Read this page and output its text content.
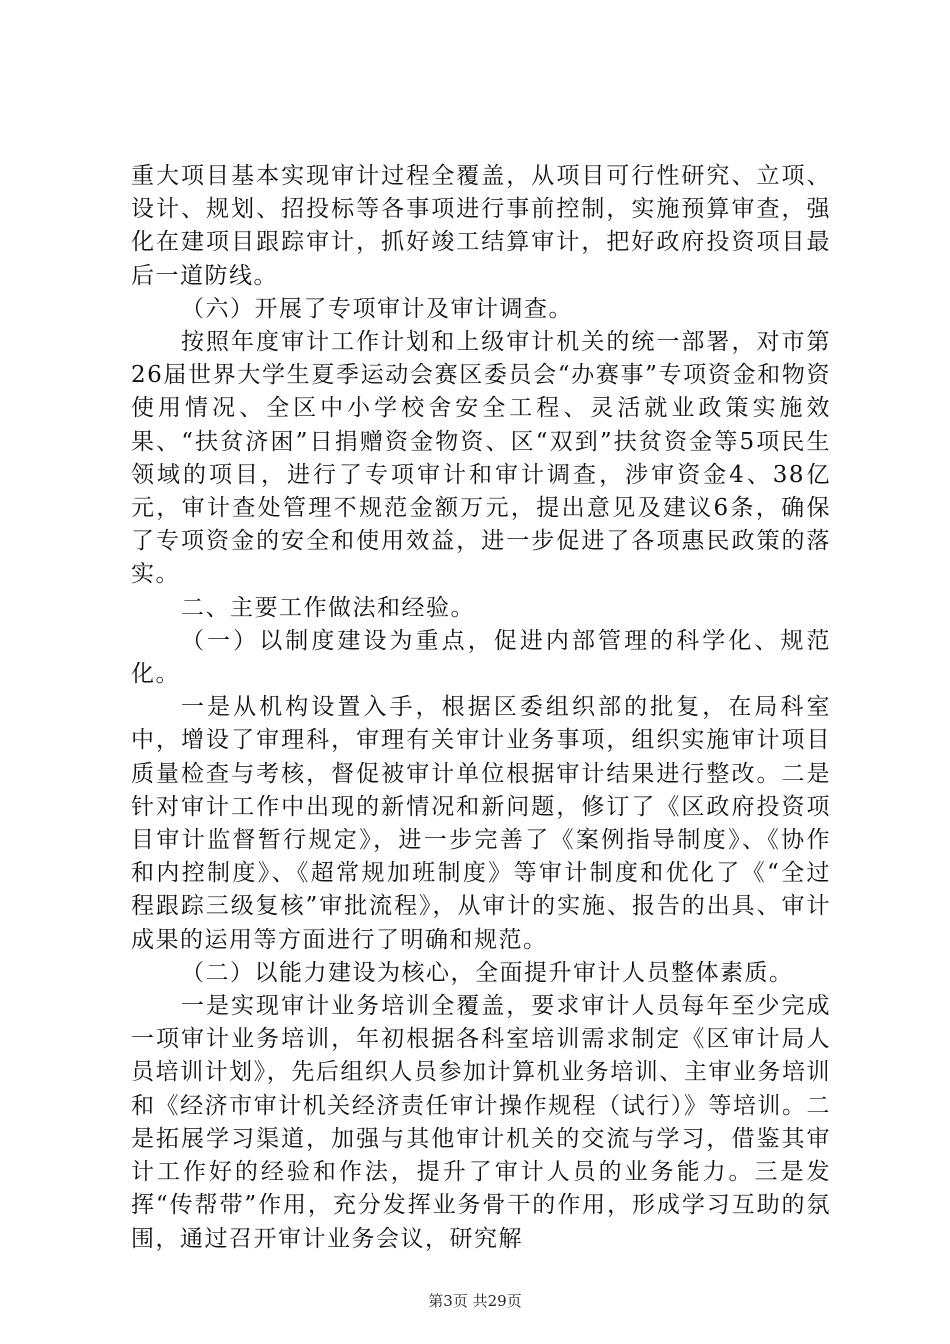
重大项目基本实现审计过程全覆盖，从项目可行性研究、立项、设计、规划、招投标等各事项进行事前控制，实施预算审查，强化在建项目跟踪审计，抓好竣工结算审计，把好政府投资项目最后一道防线。

（六）开展了专项审计及审计调查。

按照年度审计工作计划和上级审计机关的统一部署，对市第26届世界大学生夏季运动会赛区委员会“办赛事”专项资金和物资使用情况、全区中小学校舍安全工程、灵活就业政策实施效果、“扶贫济困”日捐赠资金物资、区“双到”扶贫资金等5项民生领域的项目，进行了专项审计和审计调查，涉审资金4、38亿元，审计查处管理不规范金额万元，提出意见及建议6条，确保了专项资金的安全和使用效益，进一步促进了各项惠民政策的落实。

二、主要工作做法和经验。

（一）以制度建设为重点，促进内部管理的科学化、规范化。

一是从机构设置入手，根据区委组织部的批复，在局科室中，增设了审理科，审理有关审计业务事项，组织实施审计项目质量检查与考核，督促被审计单位根据审计结果进行整改。二是针对审计工作中出现的新情况和新问题，修订了《区政府投资项目审计监督暂行规定》，进一步完善了《案例指导制度》、《协作和内控制度》、《超常规加班制度》等审计制度和优化了《“全过程跟踪三级复核”审批流程》，从审计的实施、报告的出具、审计成果的运用等方面进行了明确和规范。

（二）以能力建设为核心，全面提升审计人员整体素质。

一是实现审计业务培训全覆盖，要求审计人员每年至少完成一项审计业务培训，年初根据各科室培训需求制定《区审计局人员培训计划》，先后组织人员参加计算机业务培训、主审业务培训和《经济市审计机关经济责任审计操作规程（试行）》等培训。二是拓展学习渠道，加强与其他审计机关的交流与学习，借鉴其审计工作好的经验和作法，提升了审计人员的业务能力。三是发挥“传帮带”作用，充分发挥业务骨干的作用，形成学习互助的氛围，通过召开审计业务会议，研究解

第3页 共29页
